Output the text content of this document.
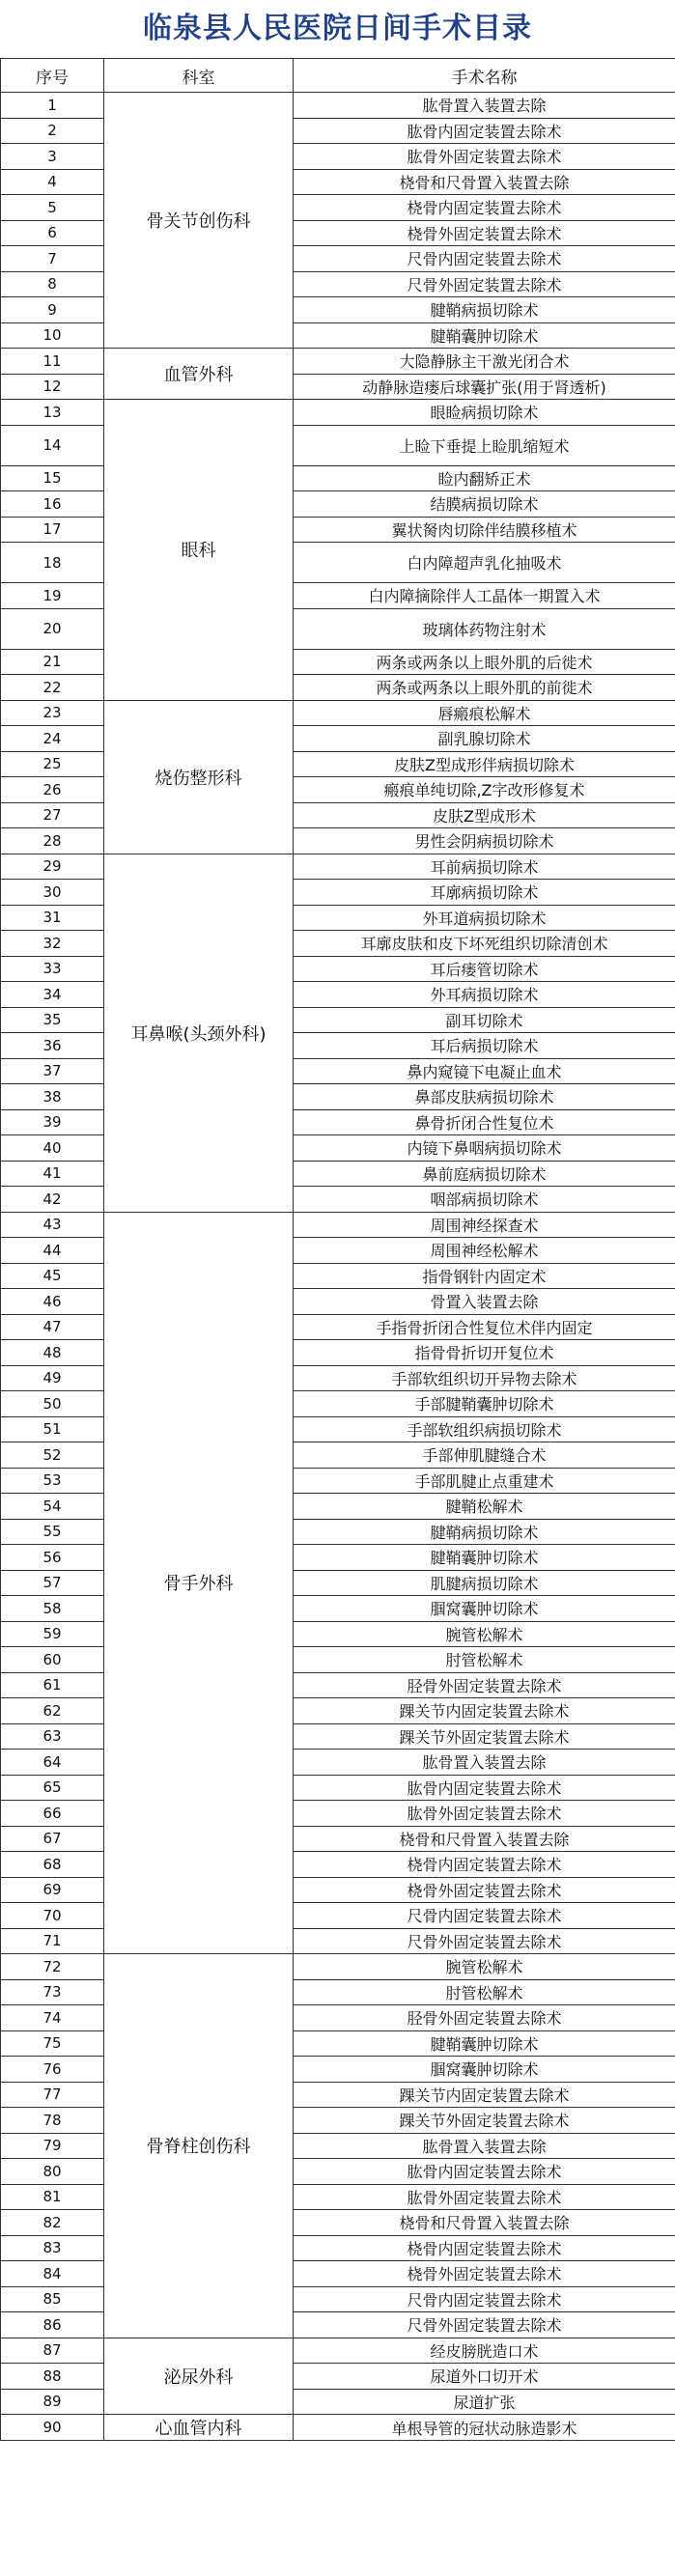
临泉县人民医院日间手术目录
序号	科室	手术名称
1	骨关节创伤科	肱骨置入装置去除
2		肱骨内固定装置去除术
3		肱骨外固定装置去除术
4		桡骨和尺骨置入装置去除
5		桡骨内固定装置去除术
6		桡骨外固定装置去除术
7		尺骨内固定装置去除术
8		尺骨外固定装置去除术
9		腱鞘病损切除术
10		腱鞘囊肿切除术
11	血管外科	大隐静脉主干激光闭合术
12		动静脉造瘘后球囊扩张(用于肾透析)
13	眼科	眼睑病损切除术
14		上睑下垂提上睑肌缩短术
15		睑内翻矫正术
16		结膜病损切除术
17		翼状胬肉切除伴结膜移植术
18		白内障超声乳化抽吸术
19		白内障摘除伴人工晶体一期置入术
20		玻璃体药物注射术
21		两条或两条以上眼外肌的后徙术
22		两条或两条以上眼外肌的前徙术
23	烧伤整形科	唇瘢痕松解术
24		副乳腺切除术
25		皮肤Z型成形伴病损切除术
26		瘢痕单纯切除,Z字改形修复术
27		皮肤Z型成形术
28		男性会阴病损切除术
29	耳鼻喉(头颈外科)	耳前病损切除术
30		耳廓病损切除术
31		外耳道病损切除术
32		耳廓皮肤和皮下坏死组织切除清创术
33		耳后瘘管切除术
34		外耳病损切除术
35		副耳切除术
36		耳后病损切除术
37		鼻内窥镜下电凝止血术
38		鼻部皮肤病损切除术
39		鼻骨折闭合性复位术
40		内镜下鼻咽病损切除术
41		鼻前庭病损切除术
42		咽部病损切除术
43	骨手外科	周围神经探查术
44		周围神经松解术
45		指骨钢针内固定术
46		骨置入装置去除
47		手指骨折闭合性复位术伴内固定
48		指骨骨折切开复位术
49		手部软组织切开异物去除术
50		手部腱鞘囊肿切除术
51		手部软组织病损切除术
52		手部伸肌腱缝合术
53		手部肌腱止点重建术
54		腱鞘松解术
55		腱鞘病损切除术
56		腱鞘囊肿切除术
57		肌腱病损切除术
58		腘窝囊肿切除术
59		腕管松解术
60		肘管松解术
61		胫骨外固定装置去除术
62		踝关节内固定装置去除术
63		踝关节外固定装置去除术
64		肱骨置入装置去除
65		肱骨内固定装置去除术
66		肱骨外固定装置去除术
67		桡骨和尺骨置入装置去除
68		桡骨内固定装置去除术
69		桡骨外固定装置去除术
70		尺骨内固定装置去除术
71		尺骨外固定装置去除术
72	骨脊柱创伤科	腕管松解术
73		肘管松解术
74		胫骨外固定装置去除术
75		腱鞘囊肿切除术
76		腘窝囊肿切除术
77		踝关节内固定装置去除术
78		踝关节外固定装置去除术
79		肱骨置入装置去除
80		肱骨内固定装置去除术
81		肱骨外固定装置去除术
82		桡骨和尺骨置入装置去除
83		桡骨内固定装置去除术
84		桡骨外固定装置去除术
85		尺骨内固定装置去除术
86		尺骨外固定装置去除术
87	泌尿外科	经皮膀胱造口术
88		尿道外口切开术
89		尿道扩张
90	心血管内科	单根导管的冠状动脉造影术
